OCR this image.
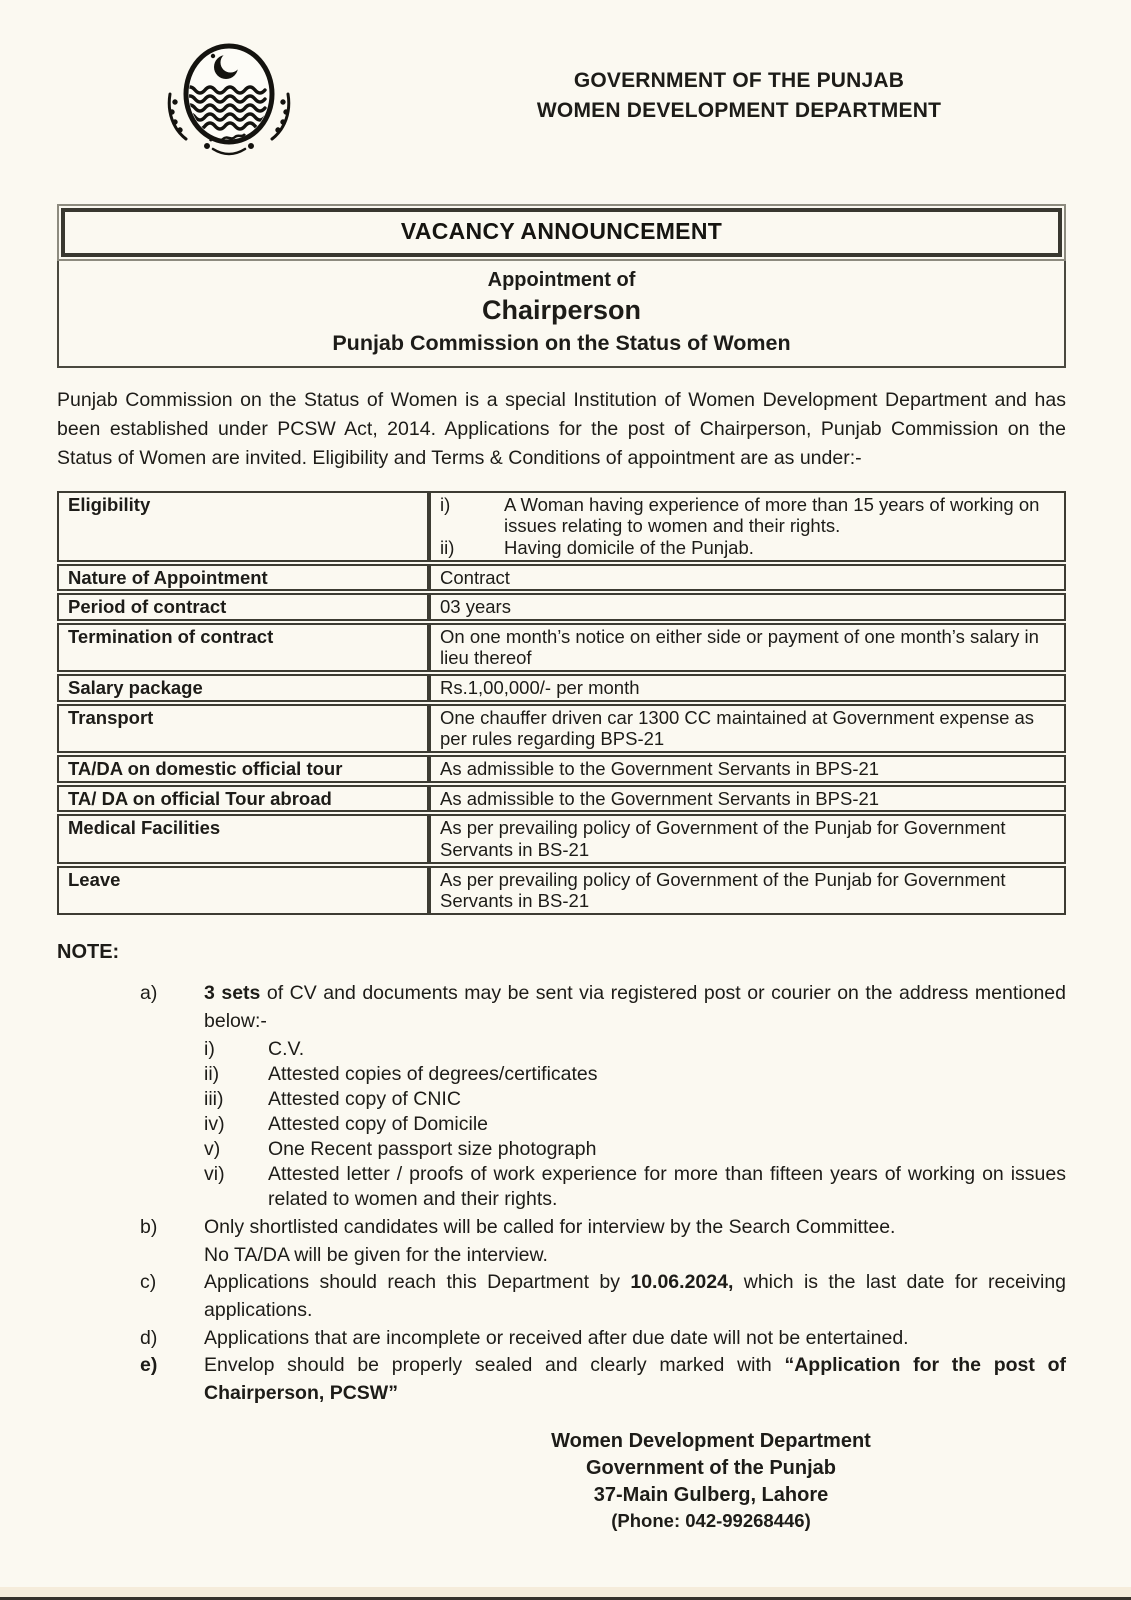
GOVERNMENT OF THE PUNJAB
WOMEN DEVELOPMENT DEPARTMENT
VACANCY ANNOUNCEMENT
Appointment of
Chairperson
Punjab Commission on the Status of Women

Punjab Commission on the Status of Women is a special Institution of Women Development Department and has been established under PCSW Act, 2014. Applications for the post of Chairperson, Punjab Commission on the Status of Women are invited. Eligibility and Terms & Conditions of appointment are as under:-

Eligibility	i) A Woman having experience of more than 15 years of working on issues relating to women and their rights.
ii) Having domicile of the Punjab.

Nature of Appointment	Contract
Period of contract	03 years
Termination of contract	On one month’s notice on either side or payment of one month’s salary in lieu thereof
Salary package	Rs.1,00,000/- per month
Transport	One chauffer driven car 1300 CC maintained at Government expense as per rules regarding BPS-21
TA/DA on domestic official tour	As admissible to the Government Servants in BPS-21
TA/ DA on official Tour abroad	As admissible to the Government Servants in BPS-21
Medical Facilities	As per prevailing policy of Government of the Punjab for Government Servants in BS-21
Leave	As per prevailing policy of Government of the Punjab for Government Servants in BS-21
NOTE:
a)	3 sets of CV and documents may be sent via registered post or courier on the address mentioned below:-
i)	C.V.
ii)	Attested copies of degrees/certificates
iii)	Attested copy of CNIC
iv)	Attested copy of Domicile
v)	One Recent passport size photograph
vi)	Attested letter / proofs of work experience for more than fifteen years of working on issues related to women and their rights.
b)	Only shortlisted candidates will be called for interview by the Search Committee.
No TA/DA will be given for the interview.
c)	Applications should reach this Department by 10.06.2024, which is the last date for receiving applications.
d)	Applications that are incomplete or received after due date will not be entertained.
e)	Envelop should be properly sealed and clearly marked with “Application for the post of Chairperson, PCSW”
Women Development Department
Government of the Punjab
37-Main Gulberg, Lahore
(Phone: 042-99268446)
